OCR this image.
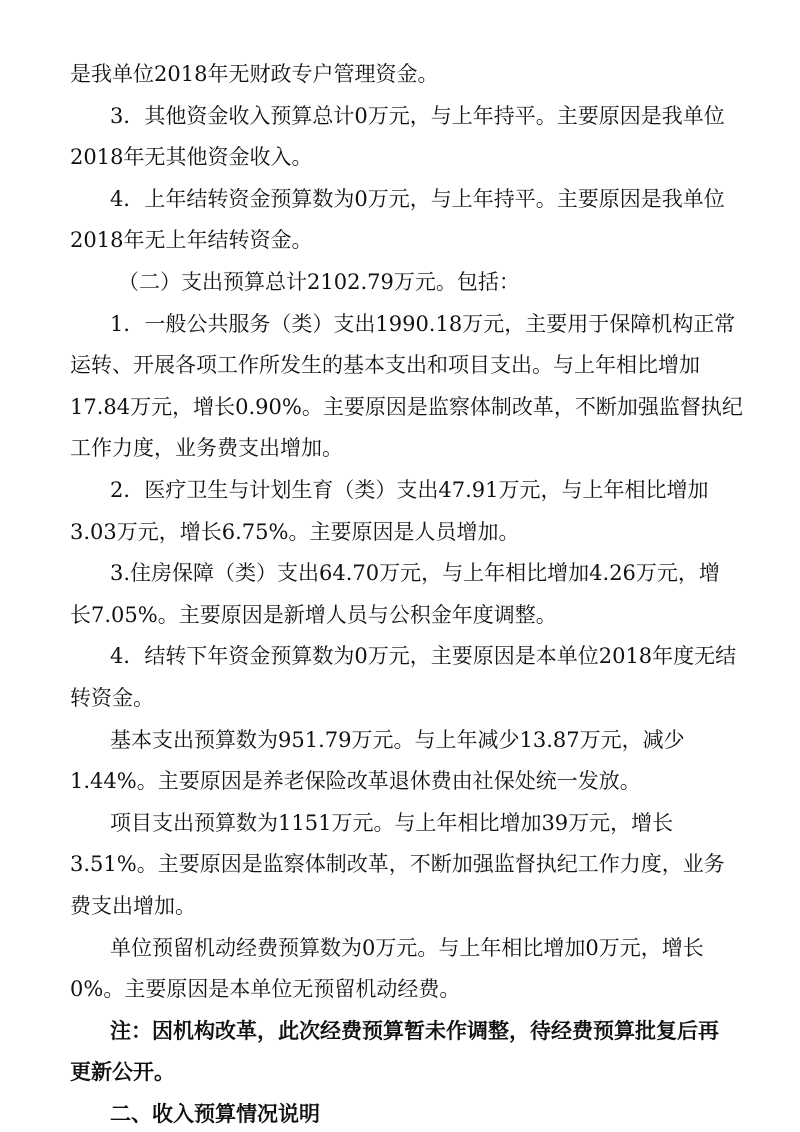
是我单位2018年无财政专户管理资金。
3．其他资金收入预算总计0万元，与上年持平。主要原因是我单位
2018年无其他资金收入。
4．上年结转资金预算数为0万元，与上年持平。主要原因是我单位
2018年无上年结转资金。
（二）支出预算总计2102.79万元。包括：
1．一般公共服务（类）支出1990.18万元，主要用于保障机构正常
运转、开展各项工作所发生的基本支出和项目支出。与上年相比增加
17.84万元，增长0.90%。主要原因是监察体制改革，不断加强监督执纪
工作力度，业务费支出增加。
2．医疗卫生与计划生育（类）支出47.91万元，与上年相比增加
3.03万元，增长6.75%。主要原因是人员增加。
3.住房保障（类）支出64.70万元，与上年相比增加4.26万元，增
长7.05%。主要原因是新增人员与公积金年度调整。
4．结转下年资金预算数为0万元，主要原因是本单位2018年度无结
转资金。
基本支出预算数为951.79万元。与上年减少13.87万元，减少
1.44%。主要原因是养老保险改革退休费由社保处统一发放。
项目支出预算数为1151万元。与上年相比增加39万元，增长
3.51%。主要原因是监察体制改革，不断加强监督执纪工作力度，业务
费支出增加。
单位预留机动经费预算数为0万元。与上年相比增加0万元，增长
0%。主要原因是本单位无预留机动经费。
注：因机构改革，此次经费预算暂未作调整，待经费预算批复后再
更新公开。
二、收入预算情况说明
